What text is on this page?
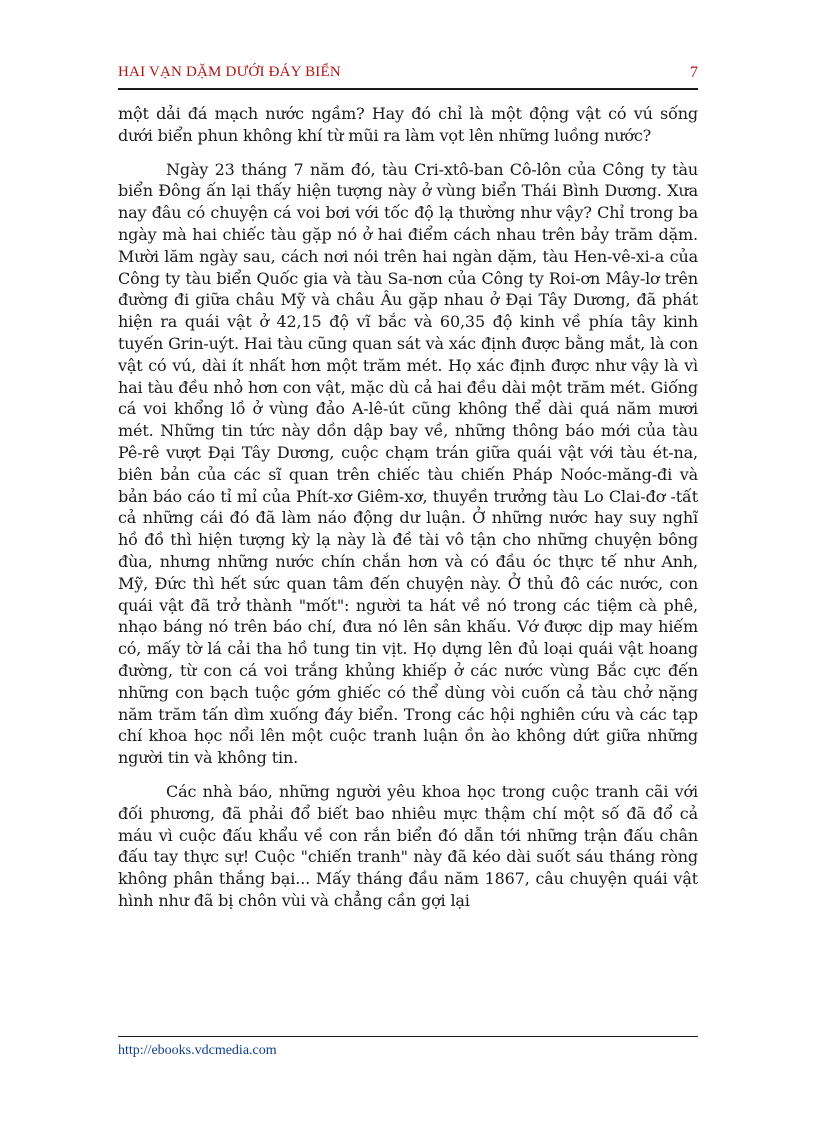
HAI VẠN DẶM DƯỚI ĐÁY BIỂN	7

một dải đá mạch nước ngầm? Hay đó chỉ là một động vật có vú sống dưới biển phun không khí từ mũi ra làm vọt lên những luồng nước?

Ngày 23 tháng 7 năm đó, tàu Cri-xtô-ban Cô-lôn của Công ty tàu biển Đông ấn lại thấy hiện tượng này ở vùng biển Thái Bình Dương. Xưa nay đâu có chuyện cá voi bơi với tốc độ lạ thường như vậy? Chỉ trong ba ngày mà hai chiếc tàu gặp nó ở hai điểm cách nhau trên bảy trăm dặm. Mười lăm ngày sau, cách nơi nói trên hai ngàn dặm, tàu Hen-vê-xi-a của Công ty tàu biển Quốc gia và tàu Sa-nơn của Công ty Roi-ơn Mây-lơ trên đường đi giữa châu Mỹ và châu Âu gặp nhau ở Đại Tây Dương, đã phát hiện ra quái vật ở 42,15 độ vĩ bắc và 60,35 độ kinh về phía tây kinh tuyến Grin-uýt. Hai tàu cũng quan sát và xác định được bằng mắt, là con vật có vú, dài ít nhất hơn một trăm mét. Họ xác định được như vậy là vì hai tàu đều nhỏ hơn con vật, mặc dù cả hai đều dài một trăm mét. Giống cá voi khổng lồ ở vùng đảo A-lê-út cũng không thể dài quá năm mươi mét. Những tin tức này dồn dập bay về, những thông báo mới của tàu Pê-rê vượt Đại Tây Dương, cuộc chạm trán giữa quái vật với tàu ét-na, biên bản của các sĩ quan trên chiếc tàu chiến Pháp Noóc-măng-đi và bản báo cáo tỉ mỉ của Phít-xơ Giêm-xơ, thuyền trưởng tàu Lo Clai-đơ -tất cả những cái đó đã làm náo động dư luận. Ở những nước hay suy nghĩ hồ đồ thì hiện tượng kỳ lạ này là đề tài vô tận cho những chuyện bông đùa, nhưng những nước chín chắn hơn và có đầu óc thực tế như Anh, Mỹ, Đức thì hết sức quan tâm đến chuyện này. Ở thủ đô các nước, con quái vật đã trở thành "mốt": người ta hát về nó trong các tiệm cà phê, nhạo báng nó trên báo chí, đưa nó lên sân khấu. Vớ được dịp may hiếm có, mấy tờ lá cải tha hồ tung tin vịt. Họ dựng lên đủ loại quái vật hoang đường, từ con cá voi trắng khủng khiếp ở các nước vùng Bắc cực đến những con bạch tuộc gớm ghiếc có thể dùng vòi cuốn cả tàu chở nặng năm trăm tấn dìm xuống đáy biển. Trong các hội nghiên cứu và các tạp chí khoa học nổi lên một cuộc tranh luận ồn ào không dứt giữa những người tin và không tin.

Các nhà báo, những người yêu khoa học trong cuộc tranh cãi với đối phương, đã phải đổ biết bao nhiêu mực thậm chí một số đã đổ cả máu vì cuộc đấu khẩu về con rắn biển đó dẫn tới những trận đấu chân đấu tay thực sự! Cuộc "chiến tranh" này đã kéo dài suốt sáu tháng ròng không phân thắng bại... Mấy tháng đầu năm 1867, câu chuyện quái vật hình như đã bị chôn vùi và chẳng cần gợi lại

http://ebooks.vdcmedia.com
